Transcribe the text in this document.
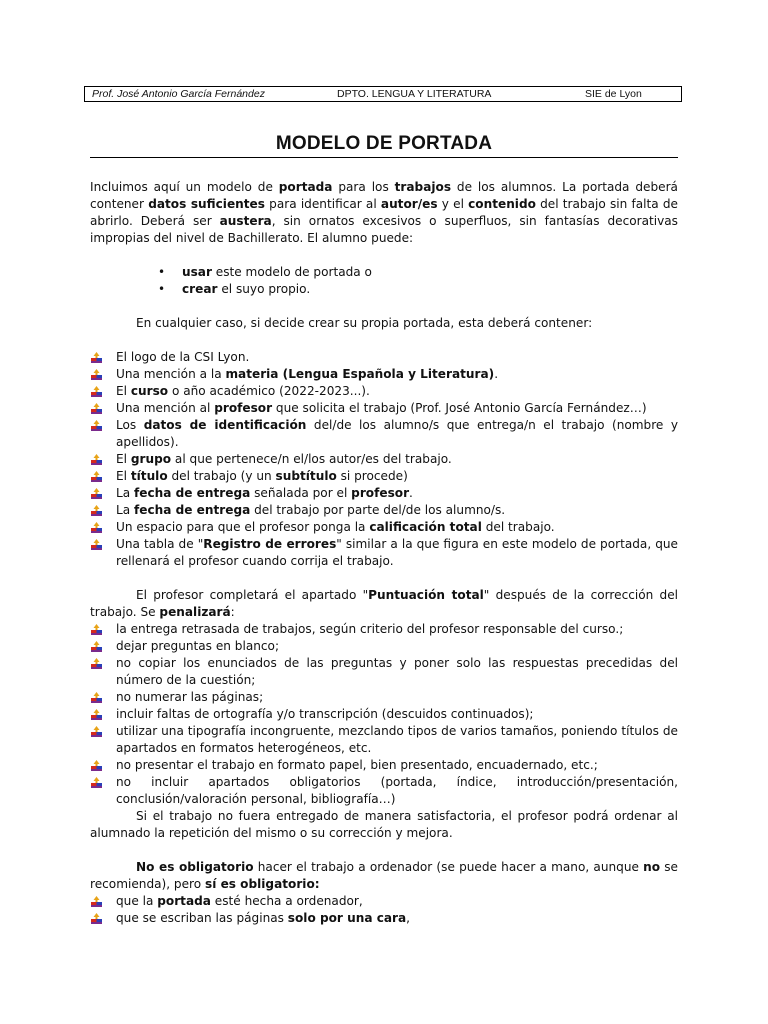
Prof. José Antonio García Fernández	DPTO. LENGUA Y LITERATURA	SIE de Lyon
MODELO DE PORTADA

Incluimos aquí un modelo de portada para los trabajos de los alumnos. La portada deberá contener datos suficientes para identificar al autor/es y el contenido del trabajo sin falta de abrirlo. Deberá ser austera, sin ornatos excesivos o superfluos, sin fantasías decorativas impropias del nivel de Bachillerato. El alumno puede:

• usar este modelo de portada o
• crear el suyo propio.

En cualquier caso, si decide crear su propia portada, esta deberá contener:

El logo de la CSI Lyon.
Una mención a la materia (Lengua Española y Literatura).
El curso o año académico (2022-2023...).
Una mención al profesor que solicita el trabajo (Prof. José Antonio García Fernández…)
Los datos de identificación del/de los alumno/s que entrega/n el trabajo (nombre y apellidos).
El grupo al que pertenece/n el/los autor/es del trabajo.
El título del trabajo (y un subtítulo si procede)
La fecha de entrega señalada por el profesor.
La fecha de entrega del trabajo por parte del/de los alumno/s.
Un espacio para que el profesor ponga la calificación total del trabajo.
Una tabla de "Registro de errores" similar a la que figura en este modelo de portada, que rellenará el profesor cuando corrija el trabajo.

El profesor completará el apartado "Puntuación total" después de la corrección del trabajo. Se penalizará:

la entrega retrasada de trabajos, según criterio del profesor responsable del curso.;
dejar preguntas en blanco;
no copiar los enunciados de las preguntas y poner solo las respuestas precedidas del número de la cuestión;
no numerar las páginas;
incluir faltas de ortografía y/o transcripción (descuidos continuados);
utilizar una tipografía incongruente, mezclando tipos de varios tamaños, poniendo títulos de apartados en formatos heterogéneos, etc.
no presentar el trabajo en formato papel, bien presentado, encuadernado, etc.;
no incluir apartados obligatorios (portada, índice, introducción/presentación, conclusión/valoración personal, bibliografía…)

Si el trabajo no fuera entregado de manera satisfactoria, el profesor podrá ordenar al alumnado la repetición del mismo o su corrección y mejora.

No es obligatorio hacer el trabajo a ordenador (se puede hacer a mano, aunque no se recomienda), pero sí es obligatorio:

que la portada esté hecha a ordenador,
que se escriban las páginas solo por una cara,
